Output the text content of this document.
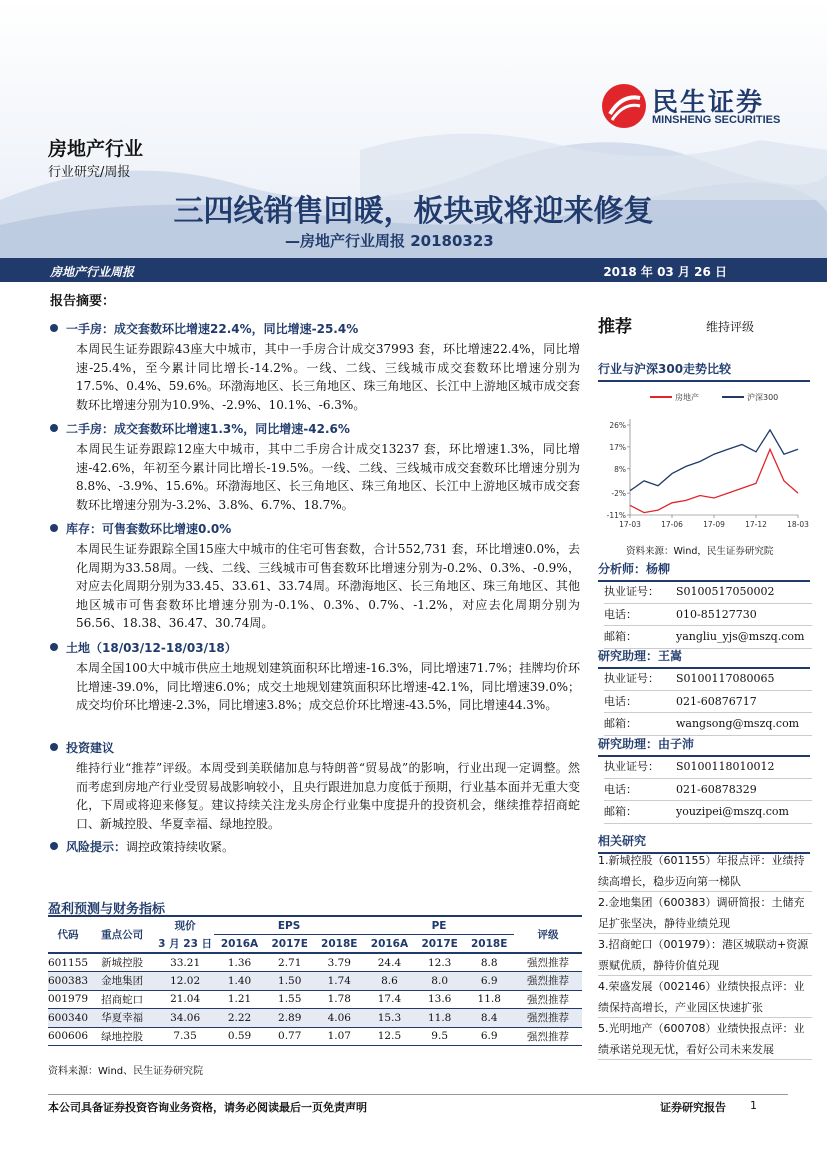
民生证券
MINSHENG SECURITIES
房地产行业
行业研究/周报
三四线销售回暖，板块或将迎来修复
—房地产行业周报 20180323
房地产行业周报	2018 年 03 月 26 日
报告摘要：
一手房：成交套数环比增速22.4%，同比增速-25.4%
本周民生证券跟踪43座大中城市，其中一手房合计成交37993 套，环比增速22.4%，同比增速-25.4%，至今累计同比增长-14.2%。一线、二线、三线城市成交套数环比增速分别为17.5%、0.4%、59.6%。环渤海地区、长三角地区、珠三角地区、长江中上游地区城市成交套数环比增速分别为10.9%、-2.9%、10.1%、-6.3%。
二手房：成交套数环比增速1.3%，同比增速-42.6%
本周民生证券跟踪12座大中城市，其中二手房合计成交13237 套，环比增速1.3%，同比增速-42.6%，年初至今累计同比增长-19.5%。一线、二线、三线城市成交套数环比增速分别为8.8%、-3.9%、15.6%。环渤海地区、长三角地区、珠三角地区、长江中上游地区城市成交套数环比增速分别为-3.2%、3.8%、6.7%、18.7%。
库存：可售套数环比增速0.0%
本周民生证券跟踪全国15座大中城市的住宅可售套数，合计552,731 套，环比增速0.0%，去化周期为33.58周。一线、二线、三线城市可售套数环比增速分别为-0.2%、0.3%、-0.9%，对应去化周期分别为33.45、33.61、33.74周。环渤海地区、长三角地区、珠三角地区、其他地区城市可售套数环比增速分别为-0.1%、0.3%、0.7%、-1.2%，对应去化周期分别为56.56、18.38、36.47、30.74周。
土地（18/03/12-18/03/18）
本周全国100大中城市供应土地规划建筑面积环比增速-16.3%，同比增速71.7%；挂牌均价环比增速-39.0%，同比增速6.0%；成交土地规划建筑面积环比增速-42.1%，同比增速39.0%；成交均价环比增速-2.3%，同比增速3.8%；成交总价环比增速-43.5%，同比增速44.3%。
投资建议
维持行业“推荐”评级。本周受到美联储加息与特朗普“贸易战”的影响，行业出现一定调整。然而考虑到房地产行业受贸易战影响较小，且央行跟进加息力度低于预期，行业基本面并无重大变化，下周或将迎来修复。建议持续关注龙头房企行业集中度提升的投资机会，继续推荐招商蛇口、新城控股、华夏幸福、绿地控股。
风险提示：调控政策持续收紧。
推荐	维持评级
行业与沪深300走势比较
房地产	沪深300
26%
17%
8%
-2%
-11%
17-03	17-06	17-09	17-12	18-03
资料来源：Wind，民生证券研究院
分析师：杨柳
执业证号：	S0100517050002
电话：	010-85127730
邮箱：	yangliu_yjs@mszq.com
研究助理：王嵩
执业证号：	S0100117080065
电话：	021-60876717
邮箱：	wangsong@mszq.com
研究助理：由子沛
执业证号：	S0100118010012
电话：	021-60878329
邮箱：	youzipei@mszq.com
相关研究
1.新城控股（601155）年报点评：业绩持续高增长，稳步迈向第一梯队
2.金地集团（600383）调研简报：土储充足扩张坚决，静待业绩兑现
3.招商蛇口（001979）：港区城联动+资源票赋优质，静待价值兑现
4.荣盛发展（002146）业绩快报点评：业绩保持高增长，产业园区快速扩张
5.光明地产（600708）业绩快报点评：业绩承诺兑现无忧，看好公司未来发展
盈利预测与财务指标
代码	重点公司	现价	EPS			PE			评级
		3 月 23 日	2016A	2017E	2018E	2016A	2017E	2018E	
601155	新城控股	33.21	1.36	2.71	3.79	24.4	12.3	8.8	强烈推荐
600383	金地集团	12.02	1.40	1.50	1.74	8.6	8.0	6.9	强烈推荐
001979	招商蛇口	21.04	1.21	1.55	1.78	17.4	13.6	11.8	强烈推荐
600340	华夏幸福	34.06	2.22	2.89	4.06	15.3	11.8	8.4	强烈推荐
600606	绿地控股	7.35	0.59	0.77	1.07	12.5	9.5	6.9	强烈推荐
资料来源：Wind、民生证券研究院
本公司具备证券投资咨询业务资格，请务必阅读最后一页免责声明	证券研究报告 1
